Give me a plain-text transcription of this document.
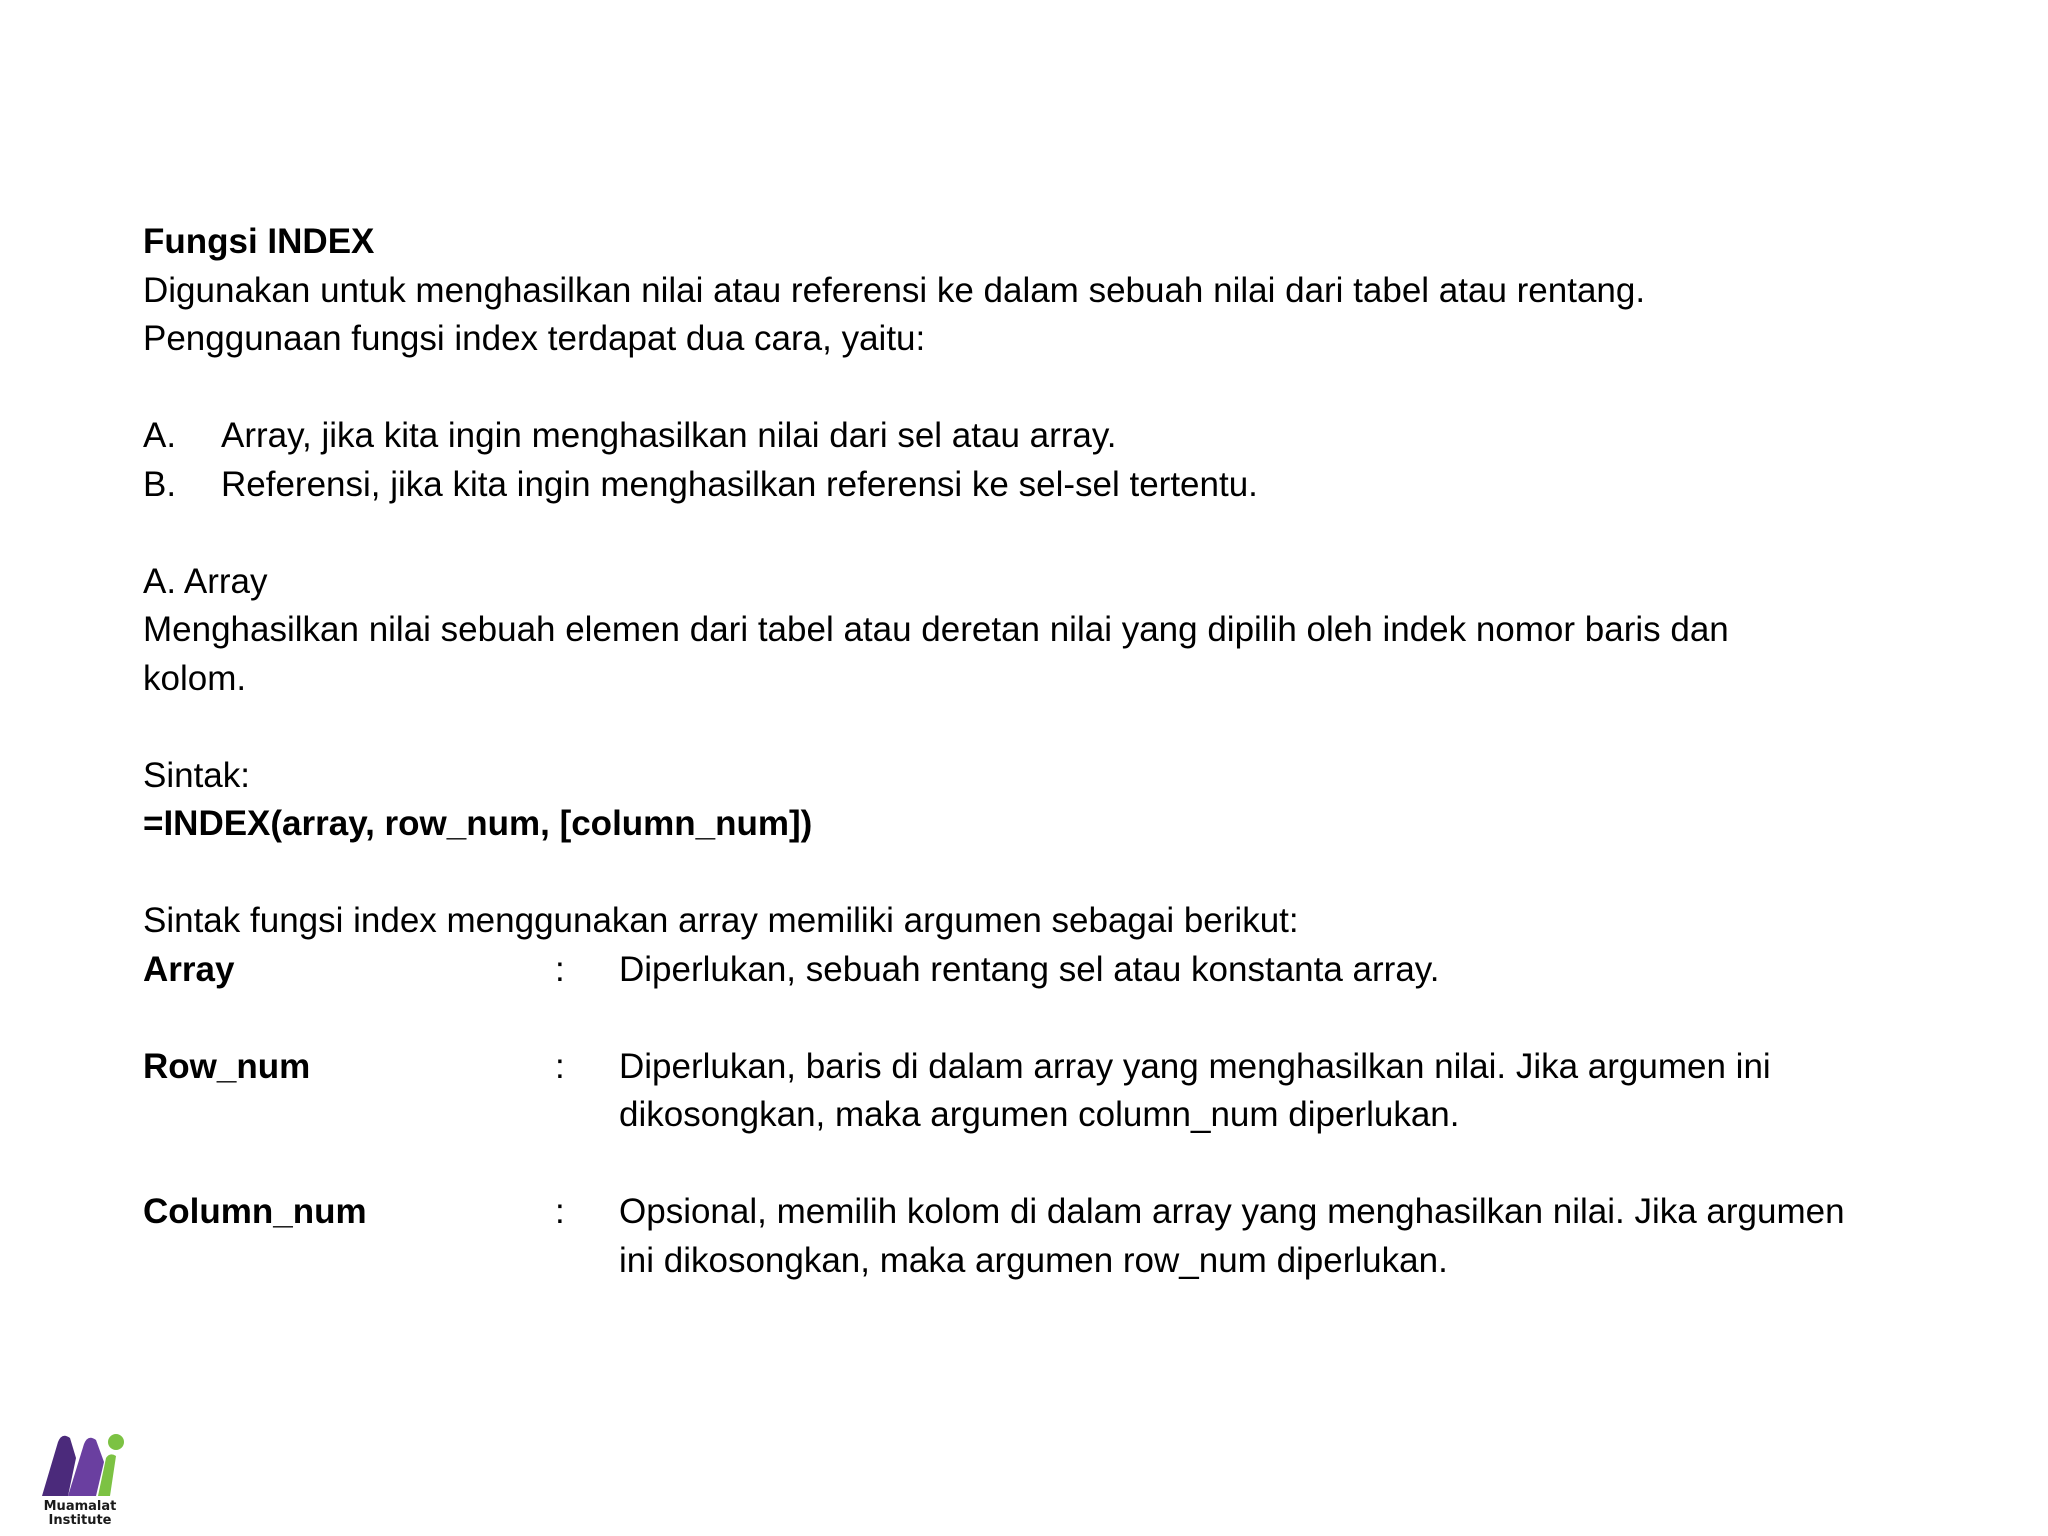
Fungsi INDEX
Digunakan untuk menghasilkan nilai atau referensi ke dalam sebuah nilai dari tabel atau rentang.
Penggunaan fungsi index terdapat dua cara, yaitu:
A.	Array, jika kita ingin menghasilkan nilai dari sel atau array.
B.	Referensi, jika kita ingin menghasilkan referensi ke sel-sel tertentu.
A. Array
Menghasilkan nilai sebuah elemen dari tabel atau deretan nilai yang dipilih oleh indek nomor baris dan
kolom.
Sintak:
=INDEX(array, row_num, [column_num])
Sintak fungsi index menggunakan array memiliki argumen sebagai berikut:
Array	:	Diperlukan, sebuah rentang sel atau konstanta array.
Row_num	:	Diperlukan, baris di dalam array yang menghasilkan nilai. Jika argumen ini
dikosongkan, maka argumen column_num diperlukan.
Column_num	:	Opsional, memilih kolom di dalam array yang menghasilkan nilai. Jika argumen
ini dikosongkan, maka argumen row_num diperlukan.
Muamalat
Institute
